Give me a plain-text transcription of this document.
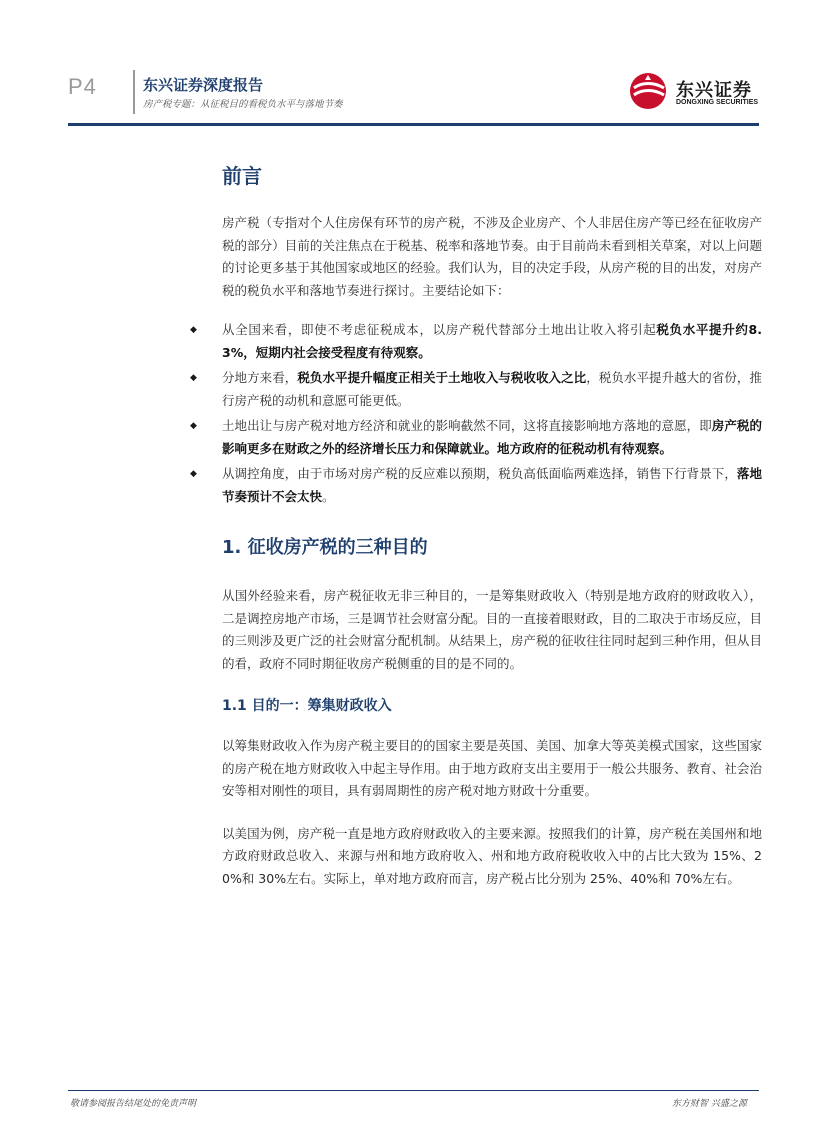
P4	东兴证券深度报告
房产税专题：从征税目的看税负水平与落地节奏
东兴证券
DONGXING SECURITIES
前言

房产税（专指对个人住房保有环节的房产税，不涉及企业房产、个人非居住房产等已经在征收房产税的部分）目前的关注焦点在于税基、税率和落地节奏。由于目前尚未看到相关草案，对以上问题的讨论更多基于其他国家或地区的经验。我们认为，目的决定手段，从房产税的目的出发，对房产税的税负水平和落地节奏进行探讨。主要结论如下：

◆ 从全国来看，即使不考虑征税成本，以房产税代替部分土地出让收入将引起税负水平提升约8.3%，短期内社会接受程度有待观察。
◆ 分地方来看，税负水平提升幅度正相关于土地收入与税收收入之比，税负水平提升越大的省份，推行房产税的动机和意愿可能更低。
◆ 土地出让与房产税对地方经济和就业的影响截然不同，这将直接影响地方落地的意愿，即房产税的影响更多在财政之外的经济增长压力和保障就业。地方政府的征税动机有待观察。
◆ 从调控角度，由于市场对房产税的反应难以预期，税负高低面临两难选择，销售下行背景下，落地节奏预计不会太快。
1. 征收房产税的三种目的

从国外经验来看，房产税征收无非三种目的，一是筹集财政收入（特别是地方政府的财政收入），二是调控房地产市场，三是调节社会财富分配。目的一直接着眼财政，目的二取决于市场反应，目的三则涉及更广泛的社会财富分配机制。从结果上，房产税的征收往往同时起到三种作用，但从目的看，政府不同时期征收房产税侧重的目的是不同的。

1.1 目的一：筹集财政收入

以筹集财政收入作为房产税主要目的的国家主要是英国、美国、加拿大等英美模式国家，这些国家的房产税在地方财政收入中起主导作用。由于地方政府支出主要用于一般公共服务、教育、社会治安等相对刚性的项目，具有弱周期性的房产税对地方财政十分重要。

以美国为例，房产税一直是地方政府财政收入的主要来源。按照我们的计算，房产税在美国州和地方政府财政总收入、来源与州和地方政府收入、州和地方政府税收收入中的占比大致为 15%、20%和 30%左右。实际上，单对地方政府而言，房产税占比分别为 25%、40%和 70%左右。

敬请参阅报告结尾处的免责声明	东方财智 兴盛之源
